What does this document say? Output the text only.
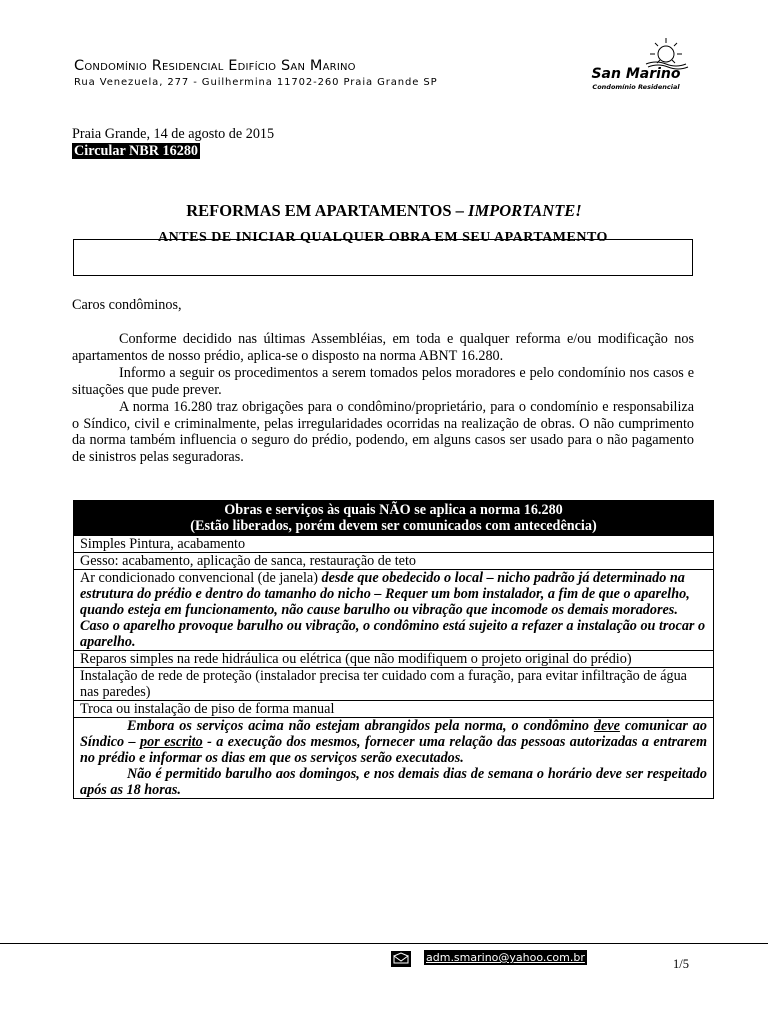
Condomínio Residencial Edifício San Marino
Rua Venezuela, 277 - Guilhermina 11702-260 Praia Grande SP
San Marino
Condomínio Residencial
Praia Grande, 14 de agosto de 2015
Circular NBR 16280
REFORMAS EM APARTAMENTOS – IMPORTANTE!
ANTES DE INICIAR QUALQUER OBRA EM SEU APARTAMENTO
Caros condôminos,
Conforme decidido nas últimas Assembléias, em toda e qualquer reforma e/ou modificação nos apartamentos de nosso prédio, aplica-se o disposto na norma ABNT 16.280.
Informo a seguir os procedimentos a serem tomados pelos moradores e pelo condomínio nos casos e situações que pude prever.
A norma 16.280 traz obrigações para o condômino/proprietário, para o condomínio e responsabiliza o Síndico, civil e criminalmente, pelas irregularidades ocorridas na realização de obras. O não cumprimento da norma também influencia o seguro do prédio, podendo, em alguns casos ser usado para o não pagamento de sinistros pelas seguradoras.
Obras e serviços às quais NÃO se aplica a norma 16.280
(Estão liberados, porém devem ser comunicados com antecedência)

Simples Pintura, acabamento
Gesso: acabamento, aplicação de sanca, restauração de teto
Ar condicionado convencional (de janela) desde que obedecido o local – nicho padrão já determinado na estrutura do prédio e dentro do tamanho do nicho – Requer um bom instalador, a fim de que o aparelho, quando esteja em funcionamento, não cause barulho ou vibração que incomode os demais moradores. Caso o aparelho provoque barulho ou vibração, o condômino está sujeito a refazer a instalação ou trocar o aparelho.
Reparos simples na rede hidráulica ou elétrica (que não modifiquem o projeto original do prédio)
Instalação de rede de proteção (instalador precisa ter cuidado com a furação, para evitar infiltração de água nas paredes)
Troca ou instalação de piso de forma manual

Embora os serviços acima não estejam abrangidos pela norma, o condômino deve comunicar ao Síndico – por escrito - a execução dos mesmos, fornecer uma relação das pessoas autorizadas a entrarem no prédio e informar os dias em que os serviços serão executados.
Não é permitido barulho aos domingos, e nos demais dias de semana o horário deve ser respeitado após as 18 horas.
adm.smarino@yahoo.com.br	1/5
